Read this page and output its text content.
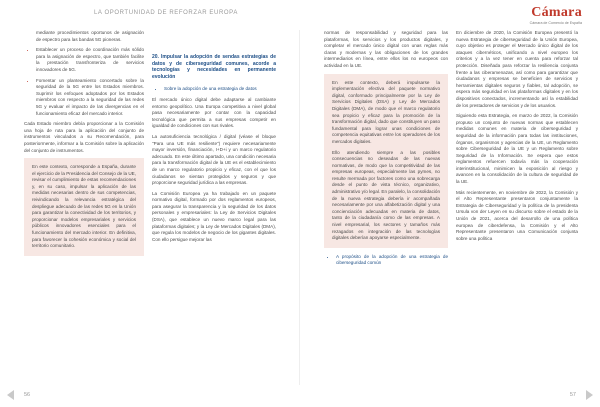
LA OPORTUNIDAD DE REFORZAR EUROPA	Cámara
Cámara de Comercio de España
mediante procedimientos oportunos de asignación de espectro para las bandas 5G pioneras.
• Establecer un proceso de coordinación más sólido para la asignación de espectro, que también facilite la prestación transfronteriza de servicios innovadores de 5G.
• Fomentar un planteamiento concertado sobre la seguridad de la 5G entre los Estados miembros. Suprimir los enfoques adoptados por los Estados miembros con respecto a la seguridad de las redes 5G y evaluar el impacto de las divergencias en el funcionamiento eficaz del mercado interior.

Cada Estado miembro debía proporcionar a la Comisión una hoja de ruta para la aplicación del conjunto de instrumentos vinculados a su Recomendación, para posteriormente, informar a la Comisión sobre la aplicación del conjunto de instrumentos.

En este contexto, corresponde a España, durante el ejercicio de la Presidencia del Consejo de la UE, revisar el cumplimiento de estas recomendaciones y, en su caso, impulsar la aplicación de las medidas necesarias dentro de sus competencias, reivindicando la relevancia estratégica del despliegue adecuado de las redes 5G en la Unión para garantizar la conectividad de los territorios, y proporcionar modelos empresariales y servicios públicos innovadores esenciales para el funcionamiento del mercado interior. En definitiva, para favorecer la cohesión económica y social del territorio comunitario.
20. Impulsar la adopción de sendas estrategias de datos y de ciberseguridad comunes, acorde a tecnologías y necesidades en permanente evolución
• Sobre la adopción de una estrategia de datos

El mercado único digital debe adaptarse al cambiante entorno geopolítico. Una Europa competitiva a nivel global pasa necesariamente por contar con la capacidad tecnológica que permita a sus empresas competir en igualdad de condiciones con sus rivales.

La autosuficiencia tecnológica / digital (véase el bloque "Para una UE más resiliente") requiere necesariamente mayor inversión, financiación, I+D+i y un marco regulatorio adecuado. En este último apartado, una condición necesaria para la transformación digital de la UE es el establecimiento de un marco regulatorio propicio y eficaz, con el que los ciudadanos se sientan protegidos y seguros y que proporcione seguridad jurídica a las empresas.

La Comisión Europea ya ha trabajado en un paquete normativo digital, formado por dos reglamentos europeos, para asegurar la transparencia y la seguridad de los datos personales y empresariales: la Ley de Servicios Digitales (DSA), que establece un nuevo marco legal para las plataformas digitales; y la Ley de Mercados Digitales (DMA), que regula los modelos de negocio de los gigantes digitales. Con ello persigue mejorar las

56

normas de responsabilidad y seguridad para las plataformas, los servicios y los productos digitales, y completar el mercado único digital con unas reglas más claras y modernas y las obligaciones de los grandes intermediarios en línea, entre ellos los no europeos con actividad en la UE.

En este contexto, deberá impulsarse la implementación efectiva del paquete normativo digital, conformado principalmente por la Ley de Servicios Digitales (DSA) y Ley de Mercados Digitales (DMA), de modo que el marco regulatorio sea propicio y eficaz para la promoción de la transformación digital, dado que constituyen un paso fundamental para lograr unas condiciones de competencia equitativas entre los operadores de los mercados digitales.

Ello atendiendo siempre a las posibles consecuencias no deseadas de las nuevas normativas, de modo que la competitividad de las empresas europeas, especialmente las pymes, no resulte mermada por factores como una sobrecarga desde el punto de vista técnico, organizativo, administrativo y/o legal. En paralelo, la consolidación de la nueva estrategia debería ir acompañada necesariamente por una alfabetización digital y una concienciación adecuadas en materia de datos, tanto de la ciudadanía como de las empresas. A nivel empresarial, los sectores y tamaños más rezagados en integración de las tecnologías digitales deberían apoyarse especialmente.

• A propósito de la adopción de una estrategia de ciberseguridad común

En diciembre de 2020, la Comisión Europea presentó la nueva Estrategia de ciberseguridad de la Unión Europea, cuyo objetivo es proteger el Mercado único digital de los ataques cibernéticos, unificando a nivel europeo los criterios y a la vez tener en cuenta para reforzar tal protección. Diseñada para reforzar la resiliencia conjunta frente a las ciberamenazas, así como para garantizar que ciudadanos y empresas se beneficien de servicios y herramientas digitales seguros y fiables, tal adopción, se espera más seguridad en las plataformas digitales y en los dispositivos conectados, incrementando así la estabilidad de los prestadores de servicios y de los usuarios.

Siguiendo esta Estrategia, en marzo de 2022, la Comisión propuso un conjunto de nuevas normas que establecen medidas comunes en materia de ciberseguridad y seguridad de la información para todas las instituciones, órganos, organismos y agencias de la UE, un Reglamento sobre Ciberseguridad de la UE y un Reglamento sobre Seguridad de la Información. Se espera que estos reglamentos refuercen todavía más la cooperación interinstitucional, minimicen la exposición al riesgo y avancen en la consolidación de la cultura de seguridad de la UE.

Más recientemente, en noviembre de 2022, la Comisión y el Alto Representante presentaron conjuntamente la Estrategia de Ciberseguridad y la política de la presidenta Ursula von der Leyen en su discurso sobre el estado de la Unión de 2021, acerca del desarrollo de una política europea de ciberdefensa, la Comisión y el Alto Representante presentaron una Comunicación conjunta sobre una política

57
